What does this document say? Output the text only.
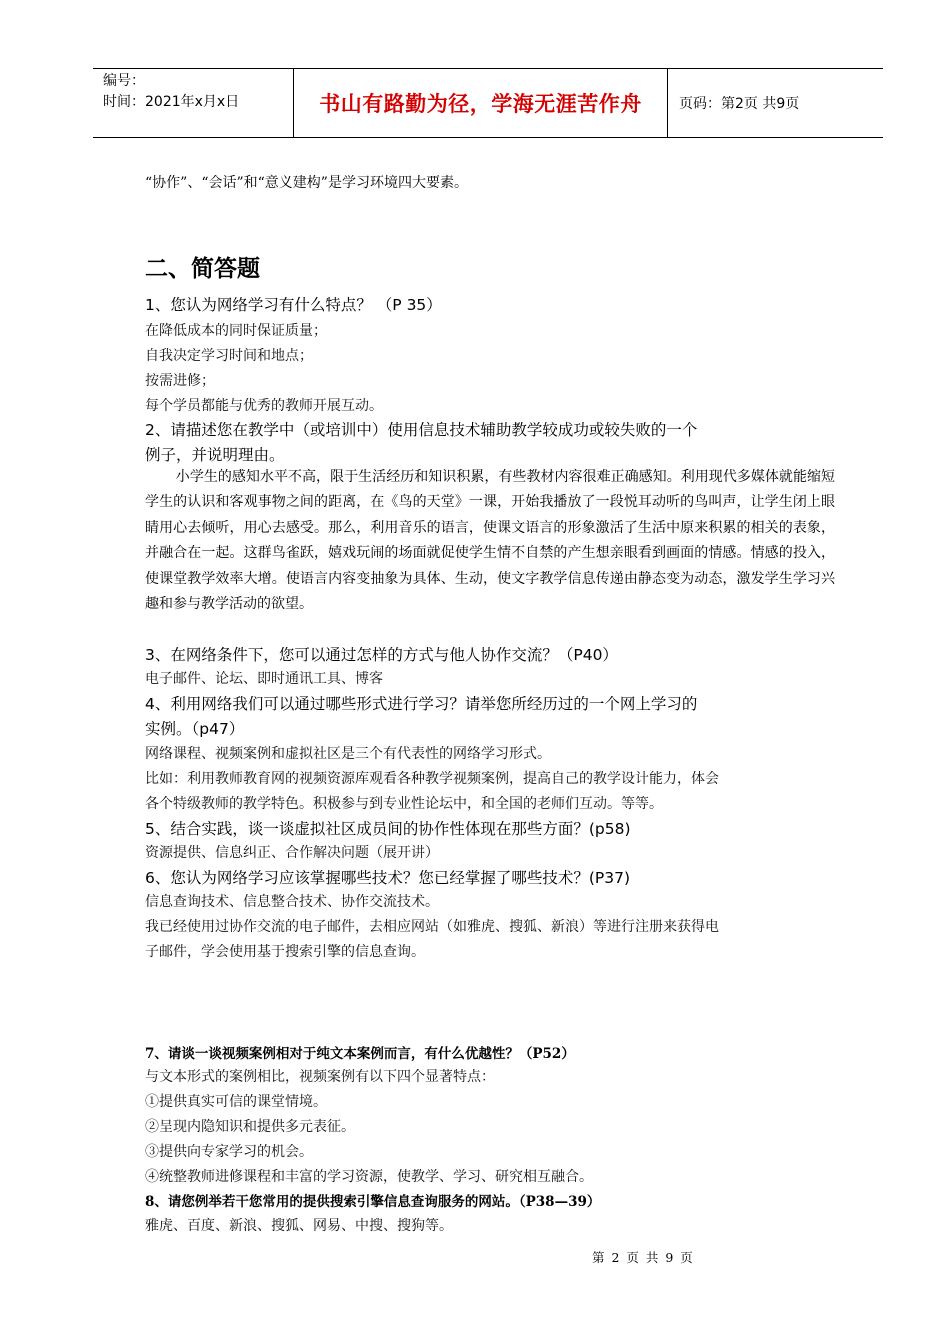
编号：
时间：2021年x月x日	书山有路勤为径，学海无涯苦作舟	页码：第2页 共9页
“协作”、“会话”和“意义建构”是学习环境四大要素。
二、简答题
1、您认为网络学习有什么特点？ （P 35）
在降低成本的同时保证质量；
自我决定学习时间和地点；
按需进修；
每个学员都能与优秀的教师开展互动。
2、请描述您在教学中（或培训中）使用信息技术辅助教学较成功或较失败的一个
例子，并说明理由。
小学生的感知水平不高，限于生活经历和知识积累，有些教材内容很难正确感知。利用现代多媒体就能缩短学生的认识和客观事物之间的距离，在《鸟的天堂》一课，开始我播放了一段悦耳动听的鸟叫声，让学生闭上眼睛用心去倾听，用心去感受。那么，利用音乐的语言，使课文语言的形象激活了生活中原来积累的相关的表象，并融合在一起。这群鸟雀跃，嬉戏玩闹的场面就促使学生情不自禁的产生想亲眼看到画面的情感。情感的投入，使课堂教学效率大增。使语言内容变抽象为具体、生动，使文字教学信息传递由静态变为动态，激发学生学习兴趣和参与教学活动的欲望。
3、在网络条件下，您可以通过怎样的方式与他人协作交流？（P40）
电子邮件、论坛、即时通讯工具、博客
4、利用网络我们可以通过哪些形式进行学习？请举您所经历过的一个网上学习的
实例。（p47）
网络课程、视频案例和虚拟社区是三个有代表性的网络学习形式。
比如：利用教师教育网的视频资源库观看各种教学视频案例，提高自己的教学设计能力，体会
各个特级教师的教学特色。积极参与到专业性论坛中，和全国的老师们互动。等等。
5、结合实践，谈一谈虚拟社区成员间的协作性体现在那些方面？(p58)
资源提供、信息纠正、合作解决问题（展开讲）
6、您认为网络学习应该掌握哪些技术？您已经掌握了哪些技术？(P37)
信息查询技术、信息整合技术、协作交流技术。
我已经使用过协作交流的电子邮件，去相应网站（如雅虎、搜狐、新浪）等进行注册来获得电
子邮件，学会使用基于搜索引擎的信息查询。
7、请谈一谈视频案例相对于纯文本案例而言，有什么优越性？（P52）
与文本形式的案例相比，视频案例有以下四个显著特点：
①提供真实可信的课堂情境。
②呈现内隐知识和提供多元表征。
③提供向专家学习的机会。
④统整教师进修课程和丰富的学习资源，使教学、学习、研究相互融合。
8、请您例举若干您常用的提供搜索引擎信息查询服务的网站。（P38—39）
雅虎、百度、新浪、搜狐、网易、中搜、搜狗等。
第 2 页 共 9 页
